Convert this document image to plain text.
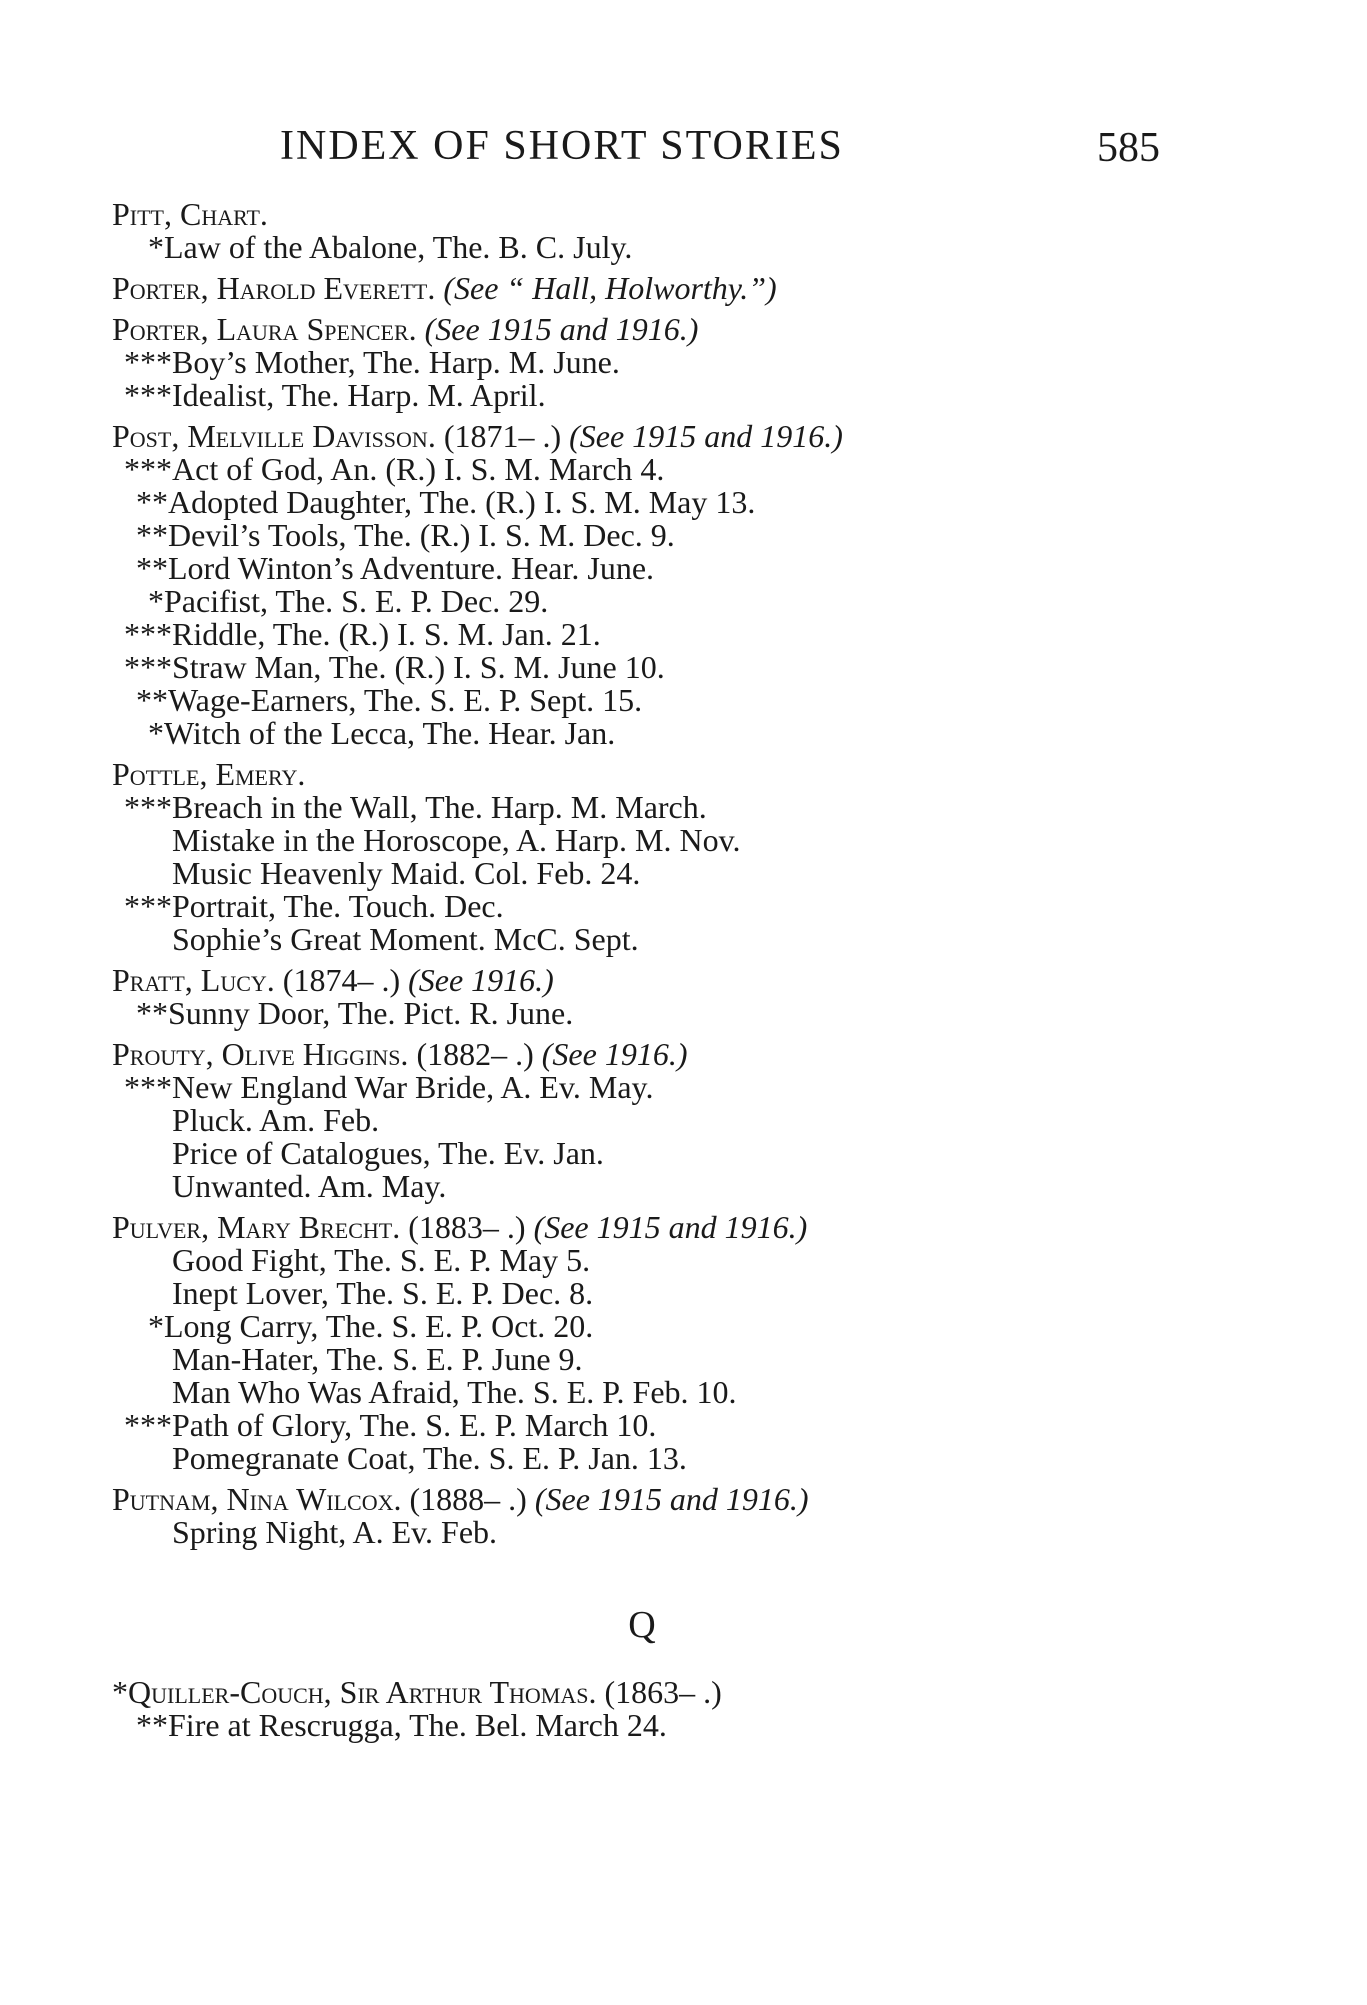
INDEX OF SHORT STORIES	585
Pitt, Chart.
*Law of the Abalone, The. B. C. July.
Porter, Harold Everett. (See “ Hall, Holworthy.”)
Porter, Laura Spencer. (See 1915 and 1916.)
***Boy’s Mother, The. Harp. M. June.
***Idealist, The. Harp. M. April.
Post, Melville Davisson. (1871– .) (See 1915 and 1916.)
***Act of God, An. (R.) I. S. M. March 4.
**Adopted Daughter, The. (R.) I. S. M. May 13.
**Devil’s Tools, The. (R.) I. S. M. Dec. 9.
**Lord Winton’s Adventure. Hear. June.
*Pacifist, The. S. E. P. Dec. 29.
***Riddle, The. (R.) I. S. M. Jan. 21.
***Straw Man, The. (R.) I. S. M. June 10.
**Wage-Earners, The. S. E. P. Sept. 15.
*Witch of the Lecca, The. Hear. Jan.
Pottle, Emery.
***Breach in the Wall, The. Harp. M. March.
Mistake in the Horoscope, A. Harp. M. Nov.
Music Heavenly Maid. Col. Feb. 24.
***Portrait, The. Touch. Dec.
Sophie’s Great Moment. McC. Sept.
Pratt, Lucy. (1874– .) (See 1916.)
**Sunny Door, The. Pict. R. June.
Prouty, Olive Higgins. (1882– .) (See 1916.)
***New England War Bride, A. Ev. May.
Pluck. Am. Feb.
Price of Catalogues, The. Ev. Jan.
Unwanted. Am. May.
Pulver, Mary Brecht. (1883– .) (See 1915 and 1916.)
Good Fight, The. S. E. P. May 5.
Inept Lover, The. S. E. P. Dec. 8.
*Long Carry, The. S. E. P. Oct. 20.
Man-Hater, The. S. E. P. June 9.
Man Who Was Afraid, The. S. E. P. Feb. 10.
***Path of Glory, The. S. E. P. March 10.
Pomegranate Coat, The. S. E. P. Jan. 13.
Putnam, Nina Wilcox. (1888– .) (See 1915 and 1916.)
Spring Night, A. Ev. Feb.
Q
*Quiller-Couch, Sir Arthur Thomas. (1863– .)
**Fire at Rescrugga, The. Bel. March 24.
